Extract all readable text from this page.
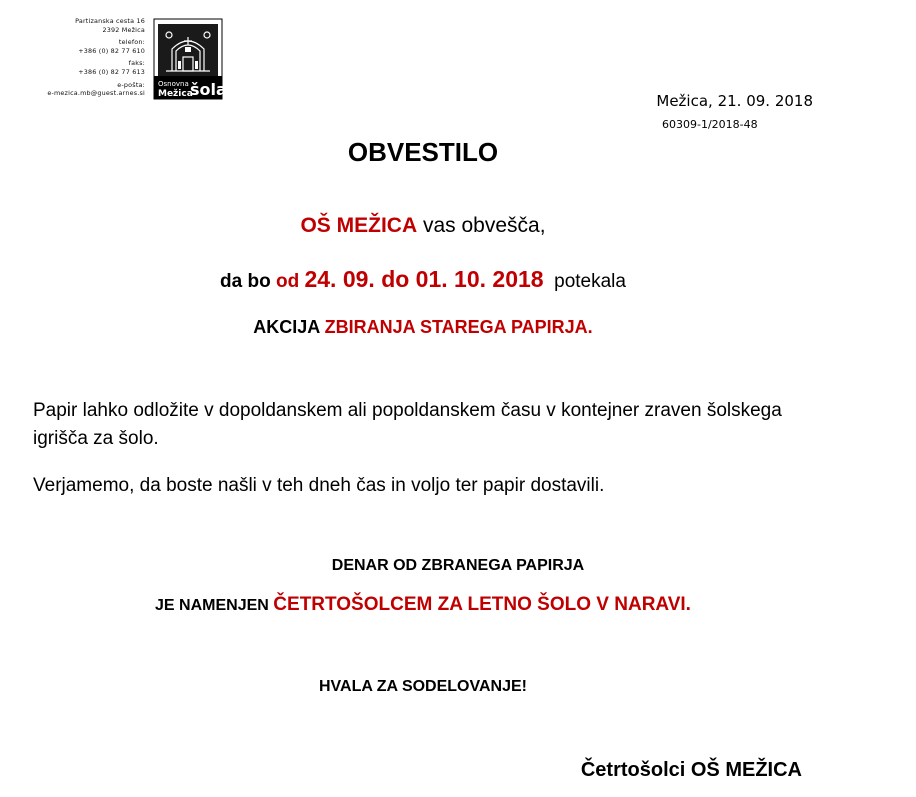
Partizanska cesta 16
2392 Mežica
telefon:
+386 (0) 82 77 610
faks:
+386 (0) 82 77 613
e-pošta:
e-mezica.mb@guest.arnes.si
Osnovna
Mežica
šola
Mežica, 21. 09. 2018
60309-1/2018-48
OBVESTILO
OŠ MEŽICA vas obvešča,
da bo od 24. 09. do 01. 10. 2018 potekala
AKCIJA ZBIRANJA STAREGA PAPIRJA.
Papir lahko odložite v dopoldanskem ali popoldanskem času v kontejner zraven šolskega igrišča za šolo.
Verjamemo, da boste našli v teh dneh čas in voljo ter papir dostavili.
DENAR OD ZBRANEGA PAPIRJA
JE NAMENJEN ČETRTOŠOLCEM ZA LETNO ŠOLO V NARAVI.
HVALA ZA SODELOVANJE!
Četrtošolci OŠ MEŽICA
